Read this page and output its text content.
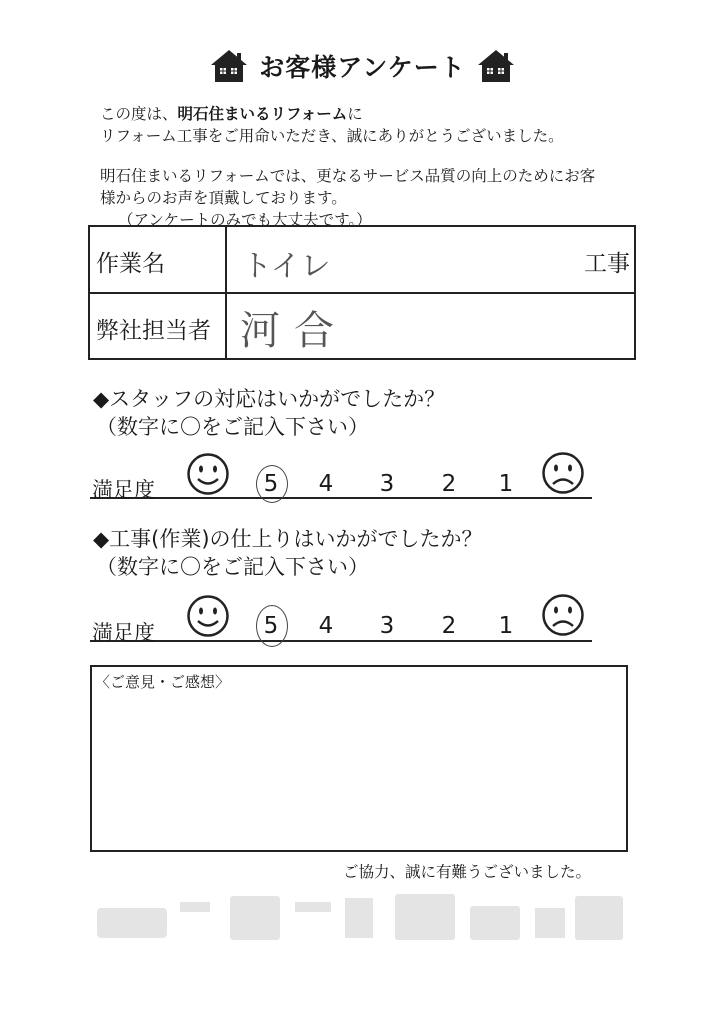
お客様アンケート
この度は、明石住まいるリフォームに
リフォーム工事をご用命いただき、誠にありがとうございました。
明石住まいるリフォームでは、更なるサービス品質の向上のためにお客
様からのお声を頂戴しております。
（アンケートのみでも大丈夫です。）
作業名	トイレ	工事
弊社担当者 河合
◆スタッフの対応はいかがでしたか？
（数字に〇をご記入下さい）
満足度	5 4 3 2 1
◆工事(作業)の仕上りはいかがでしたか？
（数字に〇をご記入下さい）
満足度	5 4 3 2 1
〈ご意見・ご感想〉
ご協力、誠に有難うございました。
